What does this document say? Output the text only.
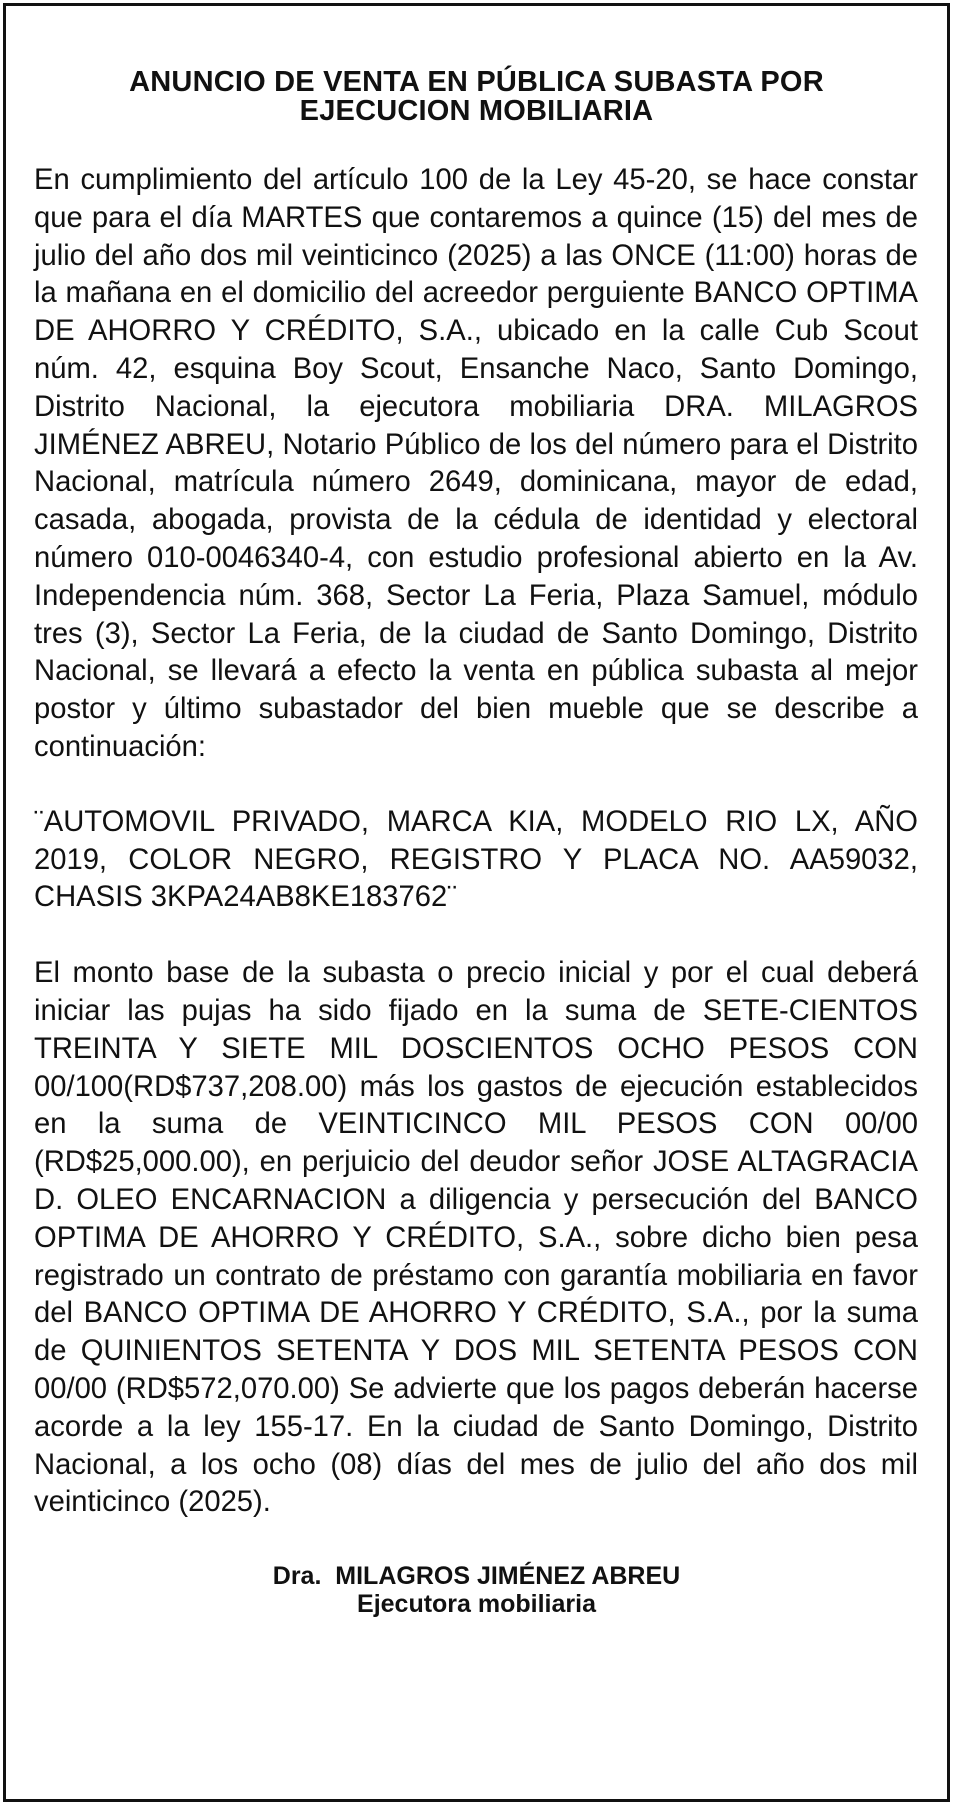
ANUNCIO DE VENTA EN PÚBLICA SUBASTA POR
EJECUCION MOBILIARIA

En cumplimiento del artículo 100 de la Ley 45-20, se hace constar que para el día MARTES que contaremos a quince (15) del mes de julio del año dos mil veinticinco (2025) a las ONCE (11:00) horas de la mañana en el domicilio del acreedor perguiente BANCO OPTIMA DE AHORRO Y CRÉDITO, S.A., ubicado en la calle Cub Scout núm. 42, esquina Boy Scout, Ensanche Naco, Santo Domingo, Distrito Nacional, la ejecutora mobiliaria DRA. MILAGROS JIMÉNEZ ABREU, Notario Público de los del número para el Distrito Nacional, matrícula número 2649, dominicana, mayor de edad, casada, abogada, provista de la cédula de identidad y electoral número 010-0046340-4, con estudio profesional abierto en la Av. Independencia núm. 368, Sector La Feria, Plaza Samuel, módulo tres (3), Sector La Feria, de la ciudad de Santo Domingo, Distrito Nacional, se llevará a efecto la venta en pública subasta al mejor postor y último subastador del bien mueble que se describe a continuación:

¨AUTOMOVIL PRIVADO, MARCA KIA, MODELO RIO LX, AÑO 2019, COLOR NEGRO, REGISTRO Y PLACA NO. AA59032, CHASIS 3KPA24AB8KE183762¨

El monto base de la subasta o precio inicial y por el cual deberá iniciar las pujas ha sido fijado en la suma de SETE-CIENTOS TREINTA Y SIETE MIL DOSCIENTOS OCHO PESOS CON 00/100(RD$737,208.00) más los gastos de ejecución establecidos en la suma de VEINTICINCO MIL PESOS CON 00/00 (RD$25,000.00), en perjuicio del deudor señor JOSE ALTAGRACIA D. OLEO ENCARNACION a diligencia y persecución del BANCO OPTIMA DE AHORRO Y CRÉDITO, S.A., sobre dicho bien pesa registrado un contrato de préstamo con garantía mobiliaria en favor del BANCO OPTIMA DE AHORRO Y CRÉDITO, S.A., por la suma de QUINIENTOS SETENTA Y DOS MIL SETENTA PESOS CON 00/00 (RD$572,070.00) Se advierte que los pagos deberán hacerse acorde a la ley 155-17. En la ciudad de Santo Domingo, Distrito Nacional, a los ocho (08) días del mes de julio del año dos mil veinticinco (2025).

Dra.  MILAGROS JIMÉNEZ ABREU
Ejecutora mobiliaria
